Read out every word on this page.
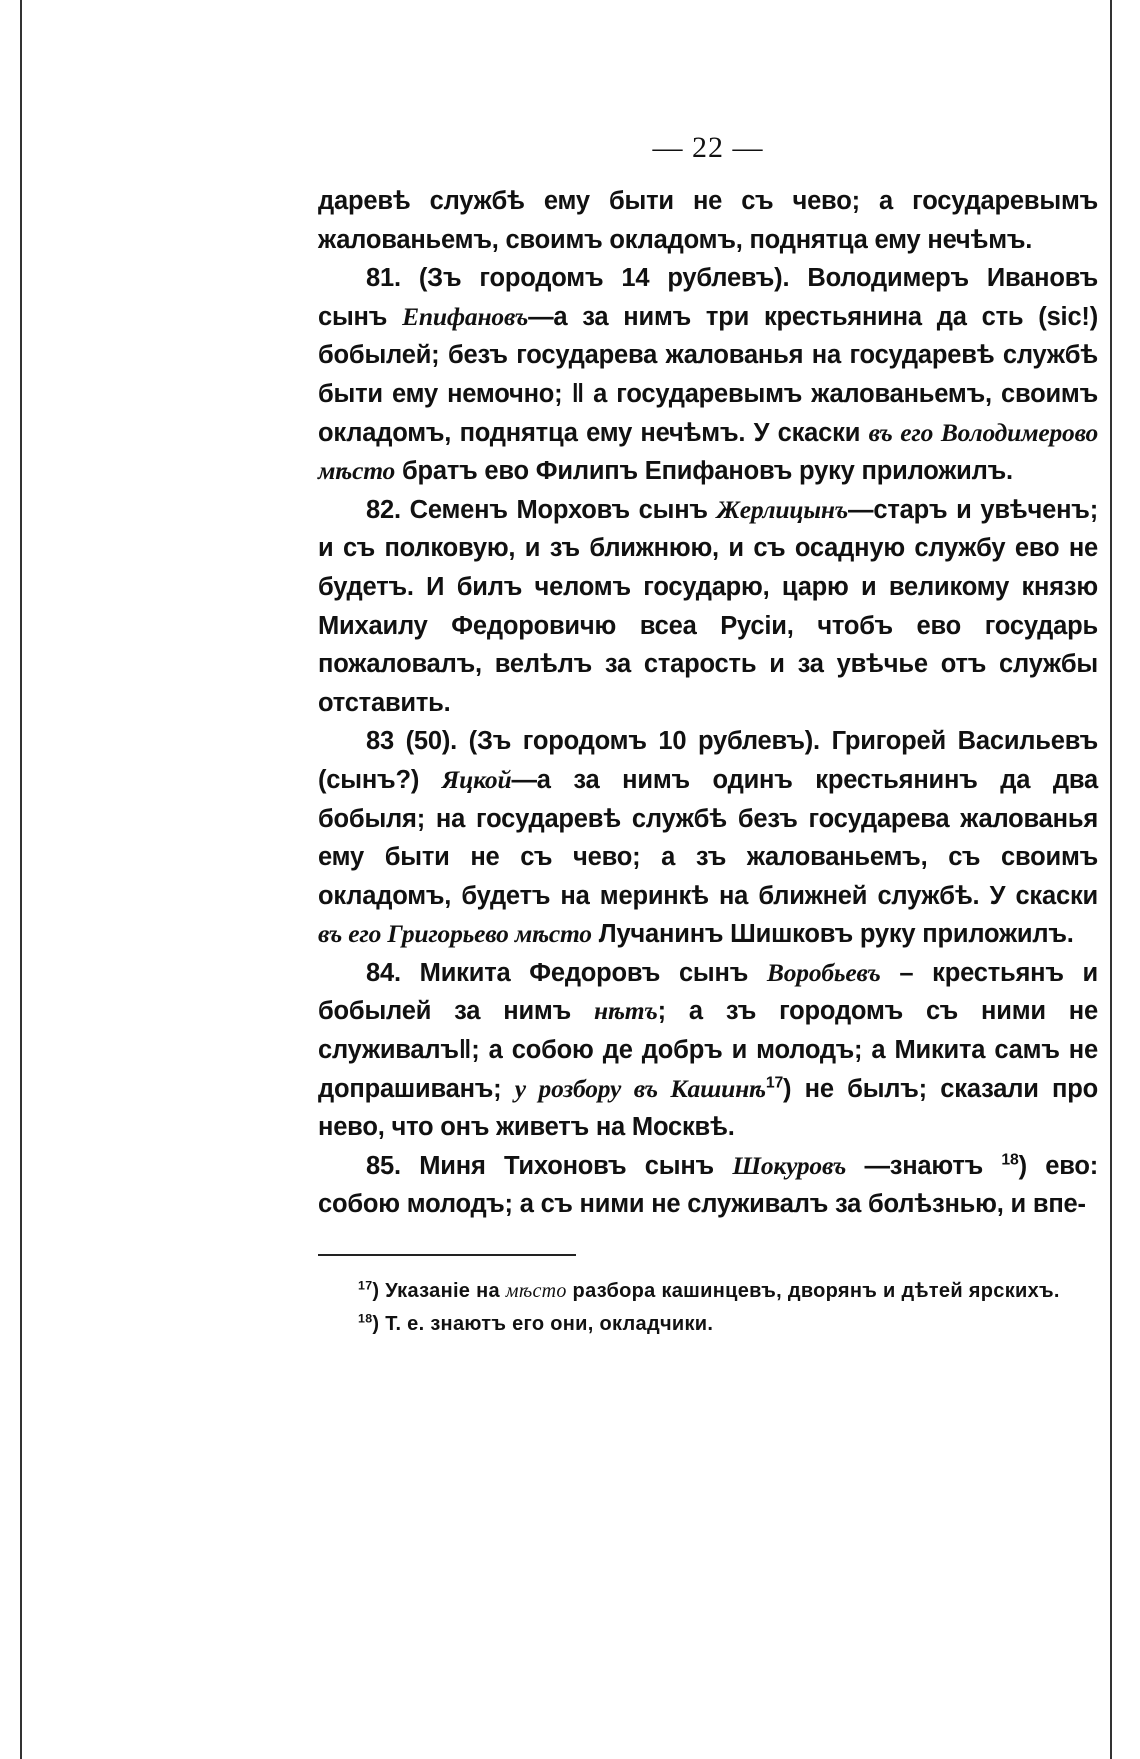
— 22 —

даревѣ службѣ ему быти не съ чево; а государевымъ жалованьемъ, своимъ окладомъ, поднятца ему нечѣмъ.

81. (Зъ городомъ 14 рублевъ). Володимеръ Ивановъ сынъ Епифановъ—а за нимъ три крестьянина да сть (sic!) бобылей; безъ государева жалованья на государевѣ службѣ быти ему немочно; ‖ а государевымъ жалованьемъ, своимъ окладомъ, поднятца ему нечѣмъ. У скаски въ его Володимерово мѣсто братъ ево Филипъ Епифановъ руку приложилъ.

82. Семенъ Морховъ сынъ Жерлицынъ—старъ и увѣченъ; и съ полковую, и зъ ближнюю, и съ осадную службу ево не будетъ. И билъ челомъ государю, царю и великому князю Михаилу Федоровичю всеа Русіи, чтобъ ево государь пожаловалъ, велѣлъ за старость и за увѣчье отъ службы отставить.

83 (50). (Зъ городомъ 10 рублевъ). Григорей Васильевъ (сынъ?) Яцкой—а за нимъ одинъ крестьянинъ да два бобыля; на государевѣ службѣ безъ государева жалованья ему быти не съ чево; а зъ жалованьемъ, съ своимъ окладомъ, будетъ на меринкѣ на ближней службѣ. У скаски въ его Григорьево мѣсто Лучанинъ Шишковъ руку приложилъ.

84. Микита Федоровъ сынъ Воробьевъ – крестьянъ и бобылей за нимъ нѣтъ; а зъ городомъ съ ними не служивалъ‖; а собою де добръ и молодъ; а Микита самъ не допрашиванъ; у розбору въ Кашинѣ$^{17}$) не былъ; сказали про нево, что онъ живетъ на Москвѣ.

85. Миня Тихоновъ сынъ Шокуровъ —знаютъ $^{18}$) ево: собою молодъ; а съ ними не служивалъ за болѣзнью, и впе-

$^{17}$) Указаніе на мѣсто разбора кашинцевъ, дворянъ и дѣтей ярскихъ.

$^{18}$) Т. е. знаютъ его они, окладчики.
